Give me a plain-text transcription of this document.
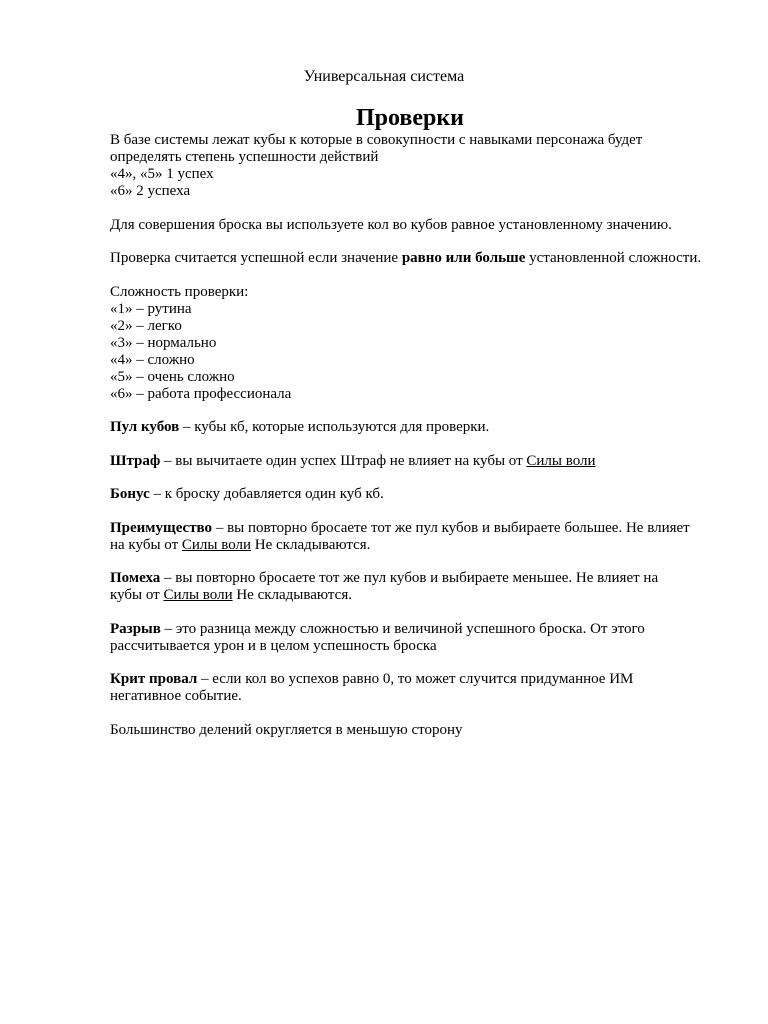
Универсальная система
Проверки

В базе системы лежат кубы к которые в совокупности с навыками персонажа будет

определять степень успешности действий

«4», «5» 1 успех

«6» 2 успеха

Для совершения броска вы используете кол во кубов равное установленному значению.

Проверка считается успешной если значение равно или больше установленной сложности.

Сложность проверки:

«1» – рутина

«2» – легко

«3» – нормально

«4» – сложно

«5» – очень сложно

«6» – работа профессионала

Пул кубов – кубы кб, которые используются для проверки.

Штраф – вы вычитаете один успех Штраф не влияет на кубы от Силы воли

Бонус – к броску добавляется один куб кб.

Преимущество – вы повторно бросаете тот же пул кубов и выбираете большее. Не влияет

на кубы от Силы воли Не складываются.

Помеха – вы повторно бросаете тот же пул кубов и выбираете меньшее. Не влияет на

кубы от Силы воли Не складываются.

Разрыв – это разница между сложностью и величиной успешного броска. От этого

рассчитывается урон и в целом успешность броска

Крит провал – если кол во успехов равно 0, то может случится придуманное ИМ

негативное событие.

Большинство делений округляется в меньшую сторону
